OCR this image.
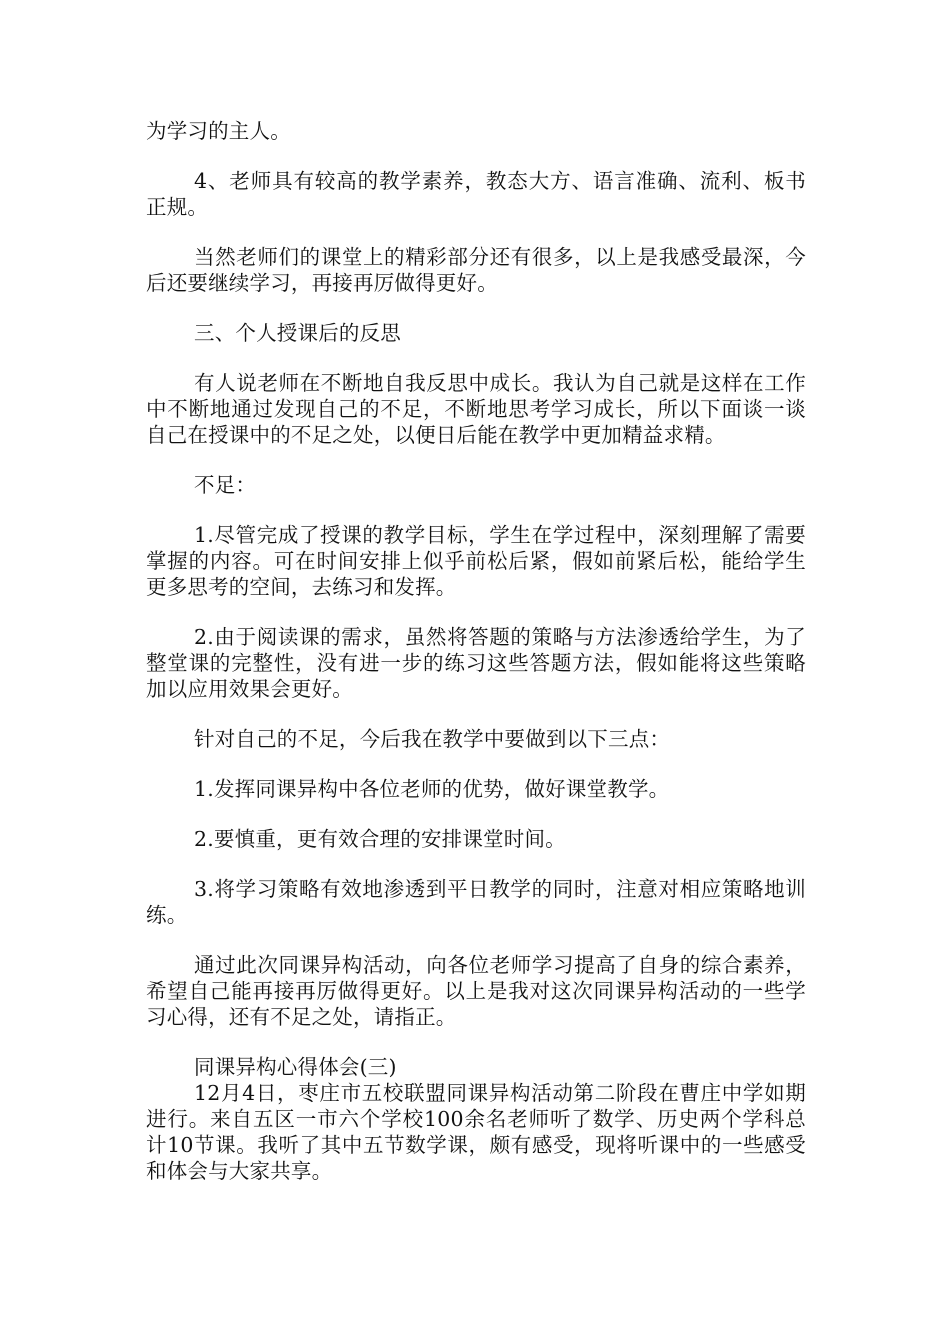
为学习的主人。

4、老师具有较高的教学素养，教态大方、语言准确、流利、板书正规。

当然老师们的课堂上的精彩部分还有很多，以上是我感受最深，今后还要继续学习，再接再厉做得更好。

三、个人授课后的反思

有人说老师在不断地自我反思中成长。我认为自己就是这样在工作中不断地通过发现自己的不足，不断地思考学习成长，所以下面谈一谈自己在授课中的不足之处，以便日后能在教学中更加精益求精。

不足：

1.尽管完成了授课的教学目标，学生在学过程中，深刻理解了需要掌握的内容。可在时间安排上似乎前松后紧，假如前紧后松，能给学生更多思考的空间，去练习和发挥。

2.由于阅读课的需求，虽然将答题的策略与方法渗透给学生，为了整堂课的完整性，没有进一步的练习这些答题方法，假如能将这些策略加以应用效果会更好。

针对自己的不足，今后我在教学中要做到以下三点：

1.发挥同课异构中各位老师的优势，做好课堂教学。

2.要慎重，更有效合理的安排课堂时间。

3.将学习策略有效地渗透到平日教学的同时，注意对相应策略地训练。

通过此次同课异构活动，向各位老师学习提高了自身的综合素养，希望自己能再接再厉做得更好。以上是我对这次同课异构活动的一些学习心得，还有不足之处，请指正。

同课异构心得体会(三)

12月4日，枣庄市五校联盟同课异构活动第二阶段在曹庄中学如期进行。来自五区一市六个学校100余名老师听了数学、历史两个学科总计10节课。我听了其中五节数学课，颇有感受，现将听课中的一些感受和体会与大家共享。
